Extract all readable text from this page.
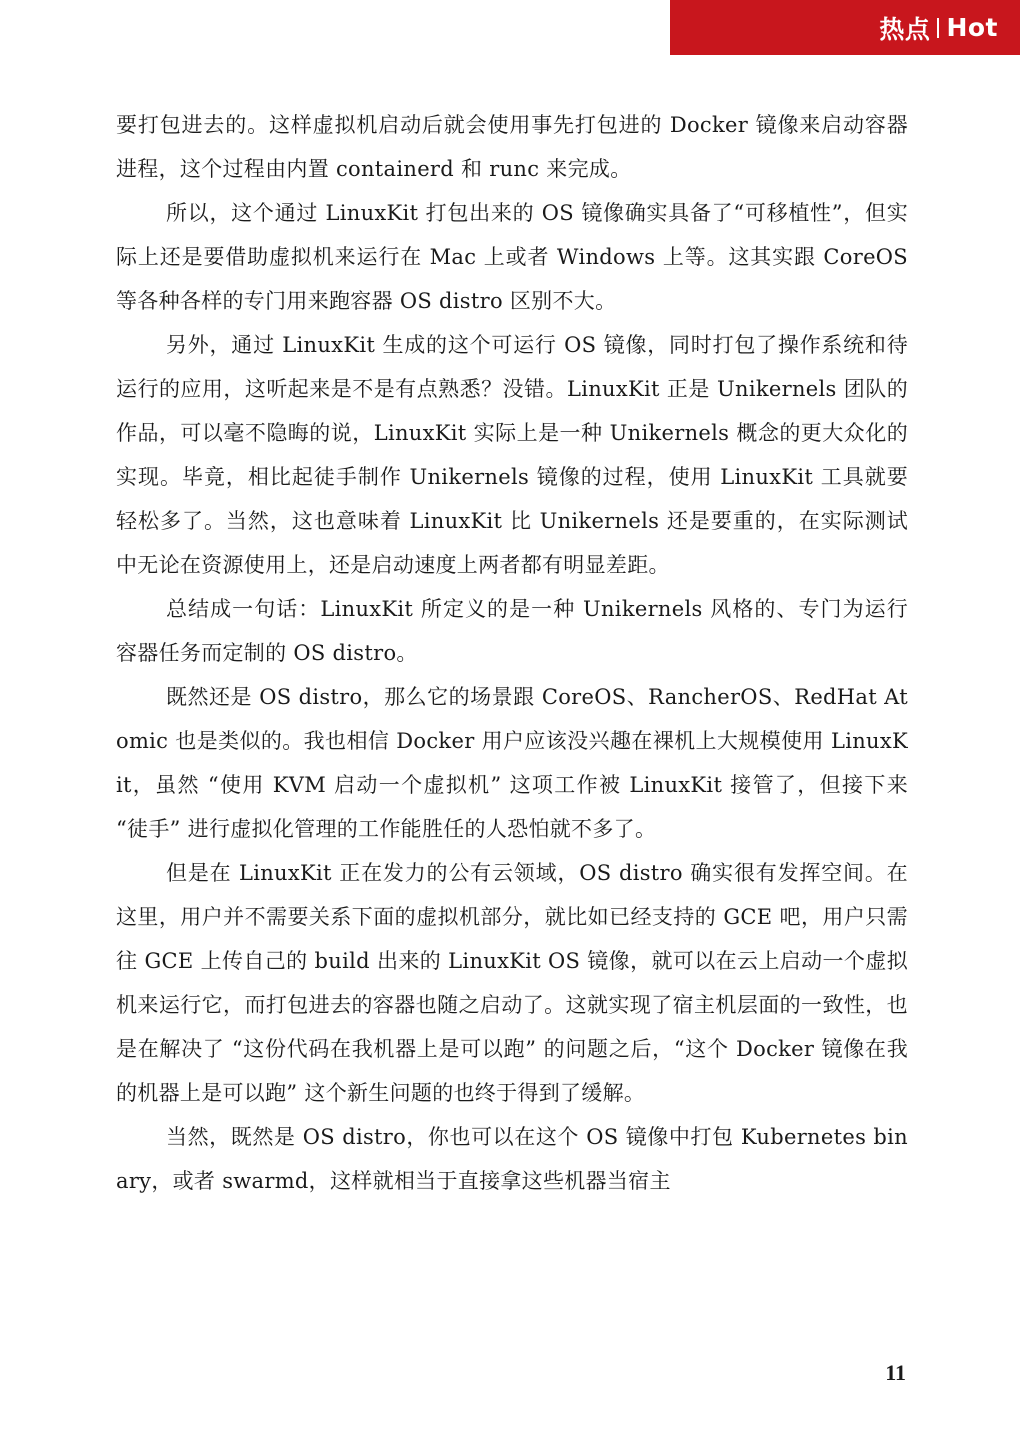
热点 Hot

要打包进去的。这样虚拟机启动后就会使用事先打包进的 Docker 镜像来启动容器进程，这个过程由内置 containerd 和 runc 来完成。

所以，这个通过 LinuxKit 打包出来的 OS 镜像确实具备了“可移植性”，但实际上还是要借助虚拟机来运行在 Mac 上或者 Windows 上等。这其实跟 CoreOS 等各种各样的专门用来跑容器 OS distro 区别不大。

另外，通过 LinuxKit 生成的这个可运行 OS 镜像，同时打包了操作系统和待运行的应用，这听起来是不是有点熟悉？没错。LinuxKit 正是 Unikernels 团队的作品，可以毫不隐晦的说，LinuxKit 实际上是一种 Unikernels 概念的更大众化的实现。毕竟，相比起徒手制作 Unikernels 镜像的过程，使用 LinuxKit 工具就要轻松多了。当然，这也意味着 LinuxKit 比 Unikernels 还是要重的，在实际测试中无论在资源使用上，还是启动速度上两者都有明显差距。

总结成一句话：LinuxKit 所定义的是一种 Unikernels 风格的、专门为运行容器任务而定制的 OS distro。

既然还是 OS distro，那么它的场景跟 CoreOS、RancherOS、RedHat Atomic 也是类似的。我也相信 Docker 用户应该没兴趣在裸机上大规模使用 LinuxKit，虽然 “使用 KVM 启动一个虚拟机” 这项工作被 LinuxKit 接管了，但接下来 “徒手” 进行虚拟化管理的工作能胜任的人恐怕就不多了。

但是在 LinuxKit 正在发力的公有云领域，OS distro 确实很有发挥空间。在这里，用户并不需要关系下面的虚拟机部分，就比如已经支持的 GCE 吧，用户只需往 GCE 上传自己的 build 出来的 LinuxKit OS 镜像，就可以在云上启动一个虚拟机来运行它，而打包进去的容器也随之启动了。这就实现了宿主机层面的一致性，也是在解决了 “这份代码在我机器上是可以跑” 的问题之后，“这个 Docker 镜像在我的机器上是可以跑” 这个新生问题的也终于得到了缓解。

当然，既然是 OS distro，你也可以在这个 OS 镜像中打包 Kubernetes binary，或者 swarmd，这样就相当于直接拿这些机器当宿主

11
